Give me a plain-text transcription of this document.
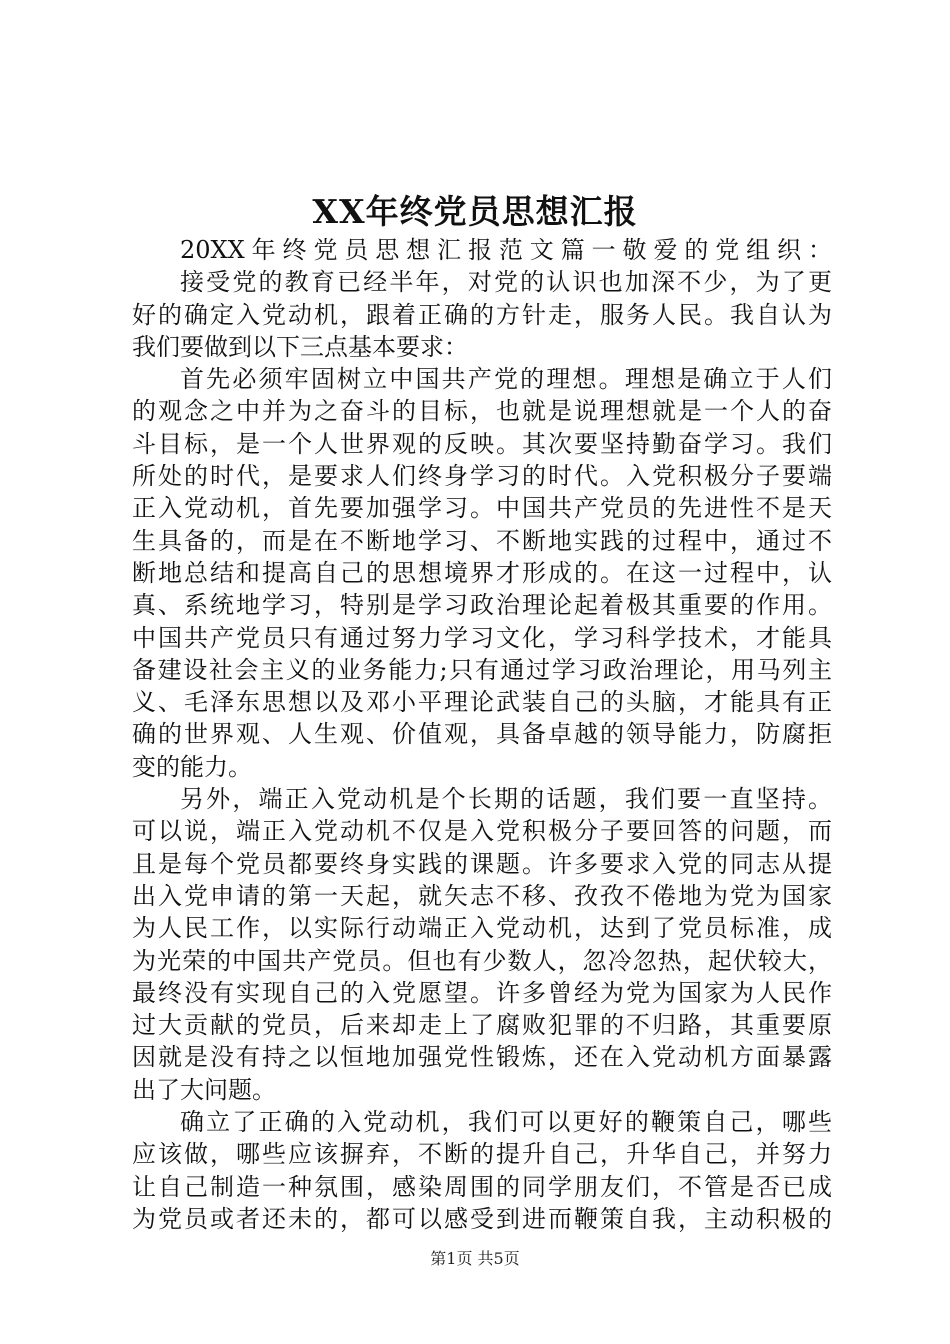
XX年终党员思想汇报
20XX年终党员思想汇报范文篇一敬爱的党组织：
接受党的教育已经半年，对党的认识也加深不少，为了更
好的确定入党动机，跟着正确的方针走，服务人民。我自认为
我们要做到以下三点基本要求：
首先必须牢固树立中国共产党的理想。理想是确立于人们
的观念之中并为之奋斗的目标，也就是说理想就是一个人的奋
斗目标，是一个人世界观的反映。其次要坚持勤奋学习。我们
所处的时代，是要求人们终身学习的时代。入党积极分子要端
正入党动机，首先要加强学习。中国共产党员的先进性不是天
生具备的，而是在不断地学习、不断地实践的过程中，通过不
断地总结和提高自己的思想境界才形成的。在这一过程中，认
真、系统地学习，特别是学习政治理论起着极其重要的作用。
中国共产党员只有通过努力学习文化，学习科学技术，才能具
备建设社会主义的业务能力;只有通过学习政治理论，用马列主
义、毛泽东思想以及邓小平理论武装自己的头脑，才能具有正
确的世界观、人生观、价值观，具备卓越的领导能力，防腐拒
变的能力。
另外，端正入党动机是个长期的话题，我们要一直坚持。
可以说，端正入党动机不仅是入党积极分子要回答的问题，而
且是每个党员都要终身实践的课题。许多要求入党的同志从提
出入党申请的第一天起，就矢志不移、孜孜不倦地为党为国家
为人民工作，以实际行动端正入党动机，达到了党员标准，成
为光荣的中国共产党员。但也有少数人，忽冷忽热，起伏较大，
最终没有实现自己的入党愿望。许多曾经为党为国家为人民作
过大贡献的党员，后来却走上了腐败犯罪的不归路，其重要原
因就是没有持之以恒地加强党性锻炼，还在入党动机方面暴露
出了大问题。
确立了正确的入党动机，我们可以更好的鞭策自己，哪些
应该做，哪些应该摒弃，不断的提升自己，升华自己，并努力
让自己制造一种氛围，感染周围的同学朋友们，不管是否已成
为党员或者还未的，都可以感受到进而鞭策自我，主动积极的
第1页 共5页
